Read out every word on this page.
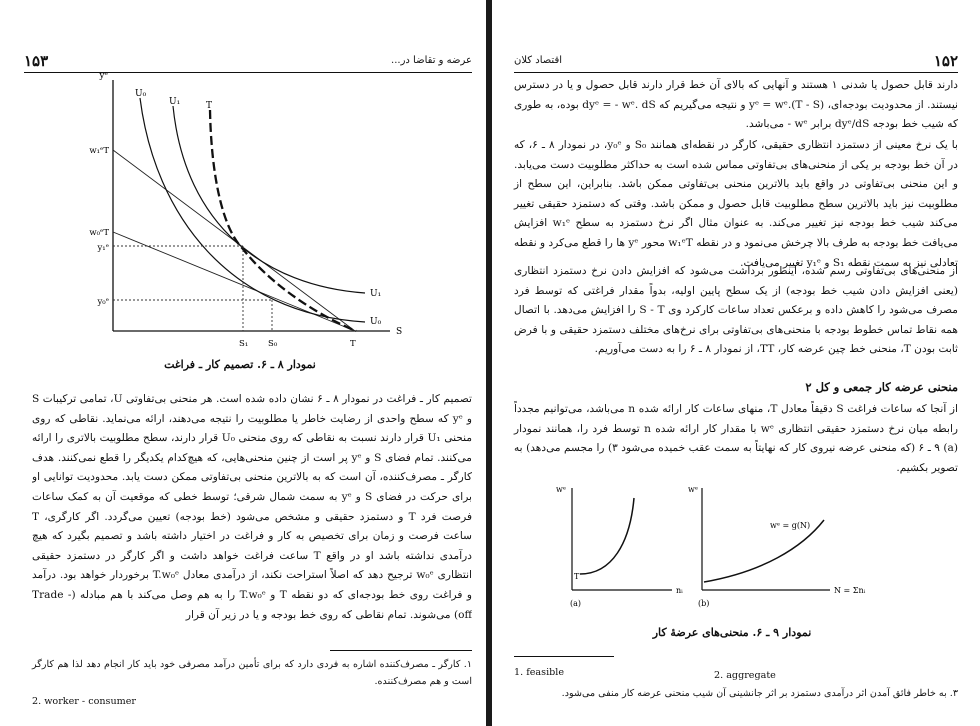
۱۵۳	عرضه و تقاضا در...
yᵉ
S
U₀
U₁	T
U₁
U₀
w₁ᵉT
w₀ᵉT
y₁ᵉ
y₀ᵉ
S₁ S₀	T
نمودار ۸ ـ ۶. تصمیم کار ـ فراغت
تصمیم کار ـ فراغت در نمودار ۸ ـ ۶ نشان داده شده است. هر منحنی بی‌تفاوتی U، تمامی ترکیبات S و yᵉ که سطح واحدی از رضایت خاطر یا مطلوبیت را نتیجه می‌دهند، ارائه می‌نماید. نقاطی که روی منحنی U₁ قرار دارند نسبت به نقاطی که روی منحنی U₀ قرار دارند، سطح مطلوبیت بالاتری را ارائه می‌کنند. تمام فضای S و yᵉ پر است از چنین منحنی‌هایی، که هیچ‌کدام یکدیگر را قطع نمی‌کنند. هدف کارگر ـ مصرف‌کننده، آن است که به بالاترین منحنی بی‌تفاوتی ممکن دست یابد. محدودیت توانایی او برای حرکت در فضای S و yᵉ به سمت شمال شرقی؛ توسط خطی که موقعیت آن به کمک ساعات فرصت فرد T و دستمزد حقیقی و مشخص می‌شود (خط بودجه) تعیین می‌گردد. اگر کارگری، T ساعت فرصت و زمان برای تخصیص به کار و فراغت در اختیار داشته باشد و تصمیم بگیرد که هیچ درآمدی نداشته باشد او در واقع T ساعت فراغت خواهد داشت و اگر کارگر در دستمزد حقیقی انتظاری w₀ᵉ ترجیح دهد که اصلاً استراحت نکند، از درآمدی معادل T.w₀ᵉ برخوردار خواهد بود. درآمد و فراغت روی خط بودجه‌ای که دو نقطه T و T.w₀ᵉ را به هم وصل می‌کند با هم مبادله (Trade - off) می‌شوند. تمام نقاطی که روی خط بودجه و یا در زیر آن قرار
۱. کارگر ـ مصرف‌کننده اشاره به فردی دارد که برای تأمین درآمد مصرفی خود باید کار انجام دهد لذا هم کارگر است و هم مصرف‌کننده.
2. worker - consumer
اقتصاد کلان	۱۵۲
دارند قابل حصول یا شدنی ۱ هستند و آنهایی که بالای آن خط قرار دارند قابل حصول و یا در دسترس نیستند. از محدودیت بودجه‌ای، yᵉ = wᵉ.(T - S) و نتیجه می‌گیریم که dyᵉ = - wᵉ. dS بوده، به طوری که شیب خط بودجه dyᵉ/dS برابر wᵉ - می‌باشد.
با یک نرخ معینی از دستمزد انتظاری حقیقی، کارگر در نقطه‌ای همانند S₀ و y₀ᵉ، در نمودار ۸ ـ ۶، که در آن خط بودجه بر یکی از منحنی‌های بی‌تفاوتی مماس شده است به حداکثر مطلوبیت دست می‌یابد. و این منحنی بی‌تفاوتی در واقع باید بالاترین منحنی بی‌تفاوتی ممکن باشد. بنابراین، این سطح از مطلوبیت نیز باید بالاترین سطح مطلوبیت قابل حصول و ممکن باشد. وقتی که دستمزد حقیقی تغییر می‌کند شیب خط بودجه نیز تغییر می‌کند. به عنوان مثال اگر نرخ دستمزد به سطح w₁ᵉ افزایش می‌یافت خط بودجه به طرف بالا چرخش می‌نمود و در نقطه w₁ᵉT محور yᵉ ها را قطع می‌کرد و نقطه تعادلی نیز به سمت نقطه S₁ و y₁ᵉ تغییر می‌یافت.
از منحنی‌های بی‌تفاوتی رسم شده، اینطور برداشت می‌شود که افزایش دادن نرخ دستمزد انتظاری (یعنی افزایش دادن شیب خط بودجه) از یک سطح پایین اولیه، بدواً مقدار فراغتی که توسط فرد مصرف می‌شود را کاهش داده و برعکس تعداد ساعات کارکرد وی S - T را افزایش می‌دهد. با اتصال همه نقاط تماس خطوط بودجه با منحنی‌های بی‌تفاوتی برای نرخ‌های مختلف دستمزد حقیقی و با فرض ثابت بودن T، منحنی خط چین عرضه کار، TT، از نمودار ۸ ـ ۶ را به دست می‌آوریم.
منحنی عرضه کار جمعی و کل ۲
از آنجا که ساعات فراغت S دقیقاً معادل T، منهای ساعات کار ارائه شده n می‌باشد، می‌توانیم مجدداً رابطه میان نرخ دستمزد حقیقی انتظاری wᵉ با مقدار کار ارائه شده n توسط فرد را، همانند نمودار (a) ۹ ـ ۶ (که منحنی عرضه نیروی کار که نهایتاً به سمت عقب خمیده می‌شود ۳) را مجسم می‌دهد) به تصویر بکشیم.
wᵉ
nᵢ
T
(a)
wᵉ
N = Σnᵢ
wᵉ = g(N)
(b)
نمودار ۹ ـ ۶. منحنی‌های عرضهٔ کار
1. feasible	2. aggregate
۳. به خاطر فائق آمدن اثر درآمدی دستمزد بر اثر جانشینی آن شیب منحنی عرضه کار منفی می‌شود.
